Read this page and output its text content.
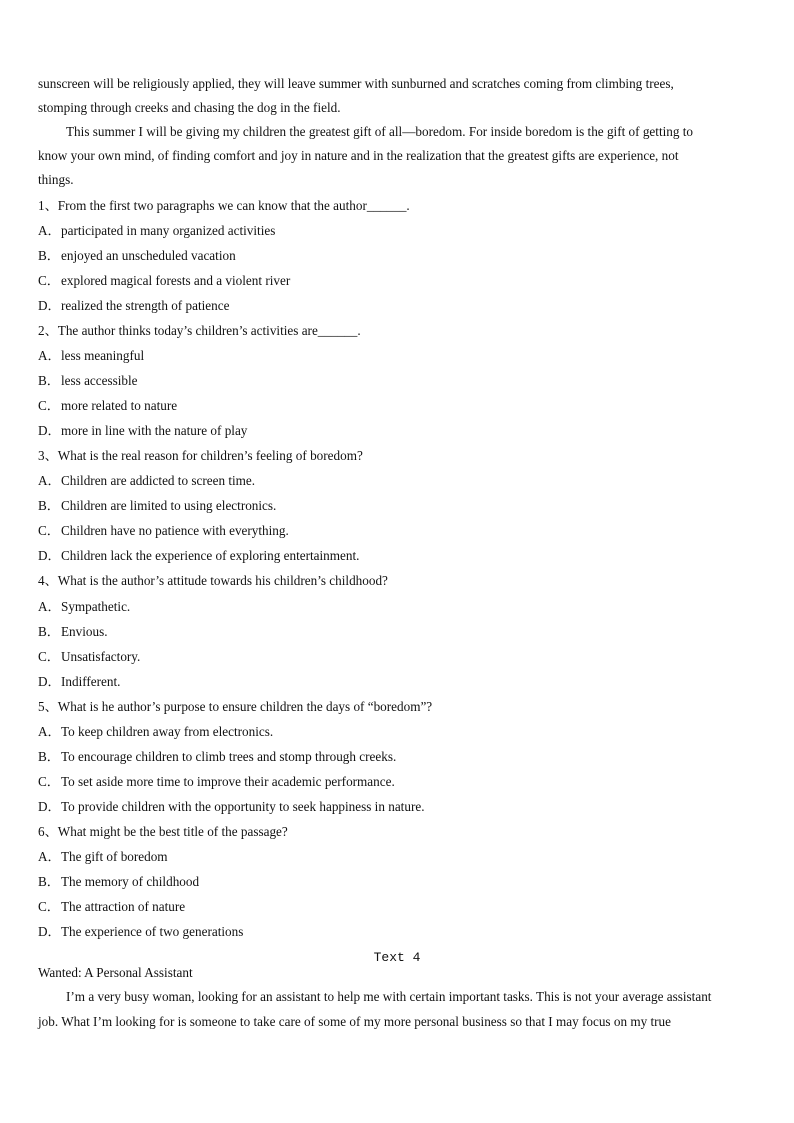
sunscreen will be religiously applied, they will leave summer with sunburned and scratches coming from climbing trees,
stomping through creeks and chasing the dog in the field.
This summer I will be giving my children the greatest gift of all—boredom. For inside boredom is the gift of getting to
know your own mind, of finding comfort and joy in nature and in the realization that the greatest gifts are experience, not
things.
1、From the first two paragraphs we can know that the author______.
A．participated in many organized activities
B．enjoyed an unscheduled vacation
C．explored magical forests and a violent river
D．realized the strength of patience
2、The author thinks today’s children’s activities are______.
A．less meaningful
B．less accessible
C．more related to nature
D．more in line with the nature of play
3、What is the real reason for children’s feeling of boredom?
A．Children are addicted to screen time.
B．Children are limited to using electronics.
C．Children have no patience with everything.
D．Children lack the experience of exploring entertainment.
4、What is the author’s attitude towards his children’s childhood?
A．Sympathetic.
B．Envious.
C．Unsatisfactory.
D．Indifferent.
5、What is he author’s purpose to ensure children the days of “boredom”?
A．To keep children away from electronics.
B．To encourage children to climb trees and stomp through creeks.
C．To set aside more time to improve their academic performance.
D．To provide children with the opportunity to seek happiness in nature.
6、What might be the best title of the passage?
A．The gift of boredom
B．The memory of childhood
C．The attraction of nature
D．The experience of two generations
Text 4
Wanted: A Personal Assistant
I’m a very busy woman, looking for an assistant to help me with certain important tasks. This is not your average assistant
job. What I’m looking for is someone to take care of some of my more personal business so that I may focus on my true
